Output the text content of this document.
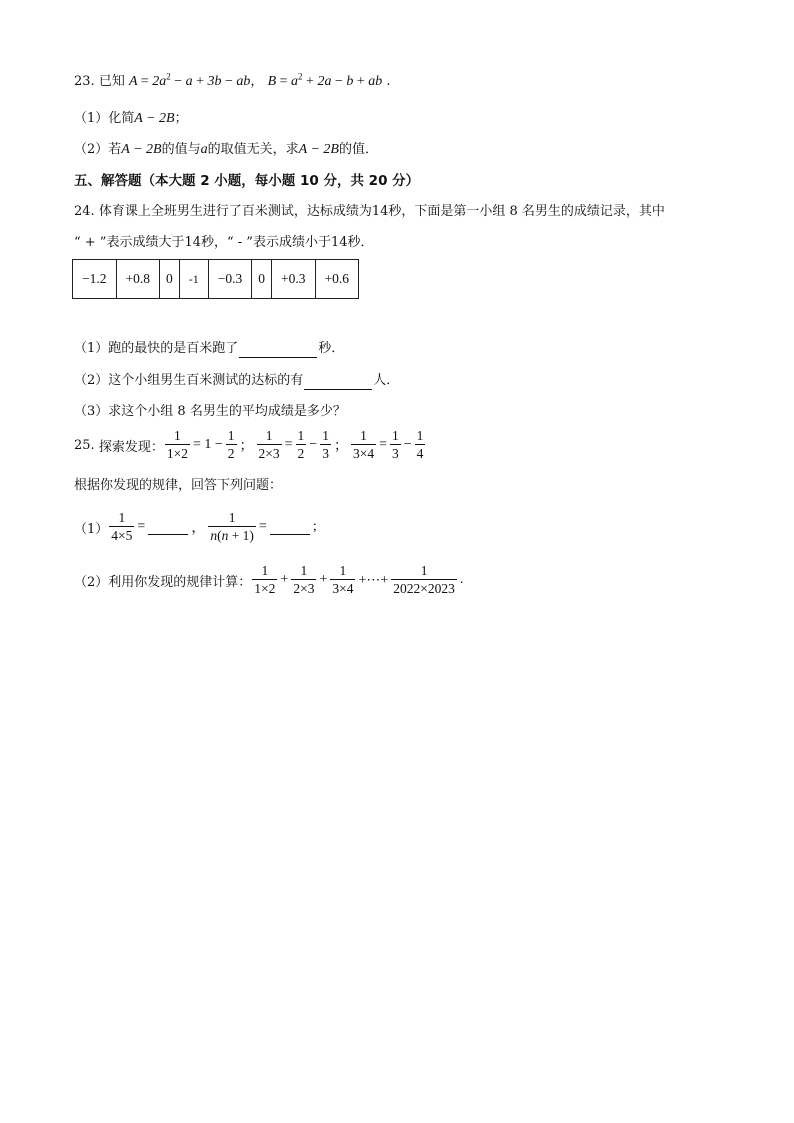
23. 已知 $A = 2a^2 - a + 3b$ − ab， $B = a^2 + 2a - b$ + ab .
（1）化简A − 2B；
（2）若A − 2B的值与a的取值无关，求A − 2B的值．
五、解答题（本大题 2 小题，每小题 10 分，共 20 分）
24. 体育课上全班男生进行了百米测试，达标成绩为14秒，下面是第一小组 8 名男生的成绩记录，其中
“ + ”表示成绩大于14秒，“ - ”表示成绩小于14秒．
−1.2	+0.8	0	-1	−0.3	0	+0.3	+0.6
（1）跑的最快的是百米跑了	秒．
（2）这个小组男生百米测试的达标的有	人．
（3）求这个小组 8 名男生的平均成绩是多少？
25.
探索发现： $\frac{1}{1\times 2} = 1 - \frac{1}{2}$ ； $\frac{1}{2\times 3} = \frac{1}{2} - \frac{1}{3}$ ； $\frac{1}{3\times 4} = \frac{1}{3} - \frac{1}{4}$
根据你发现的规律，回答下列问题：
$(1) \frac{1}{4\times 5}$ =	， $\frac{1}{n(n + 1)}$ =	;
（2） 利用你发现的规律计算： $\frac{1}{1\times 2} + \frac{1}{2\times 3} + \frac{1}{3\times 4}$ +⋯+ $\frac{1}{2022\times 2023}$ .
